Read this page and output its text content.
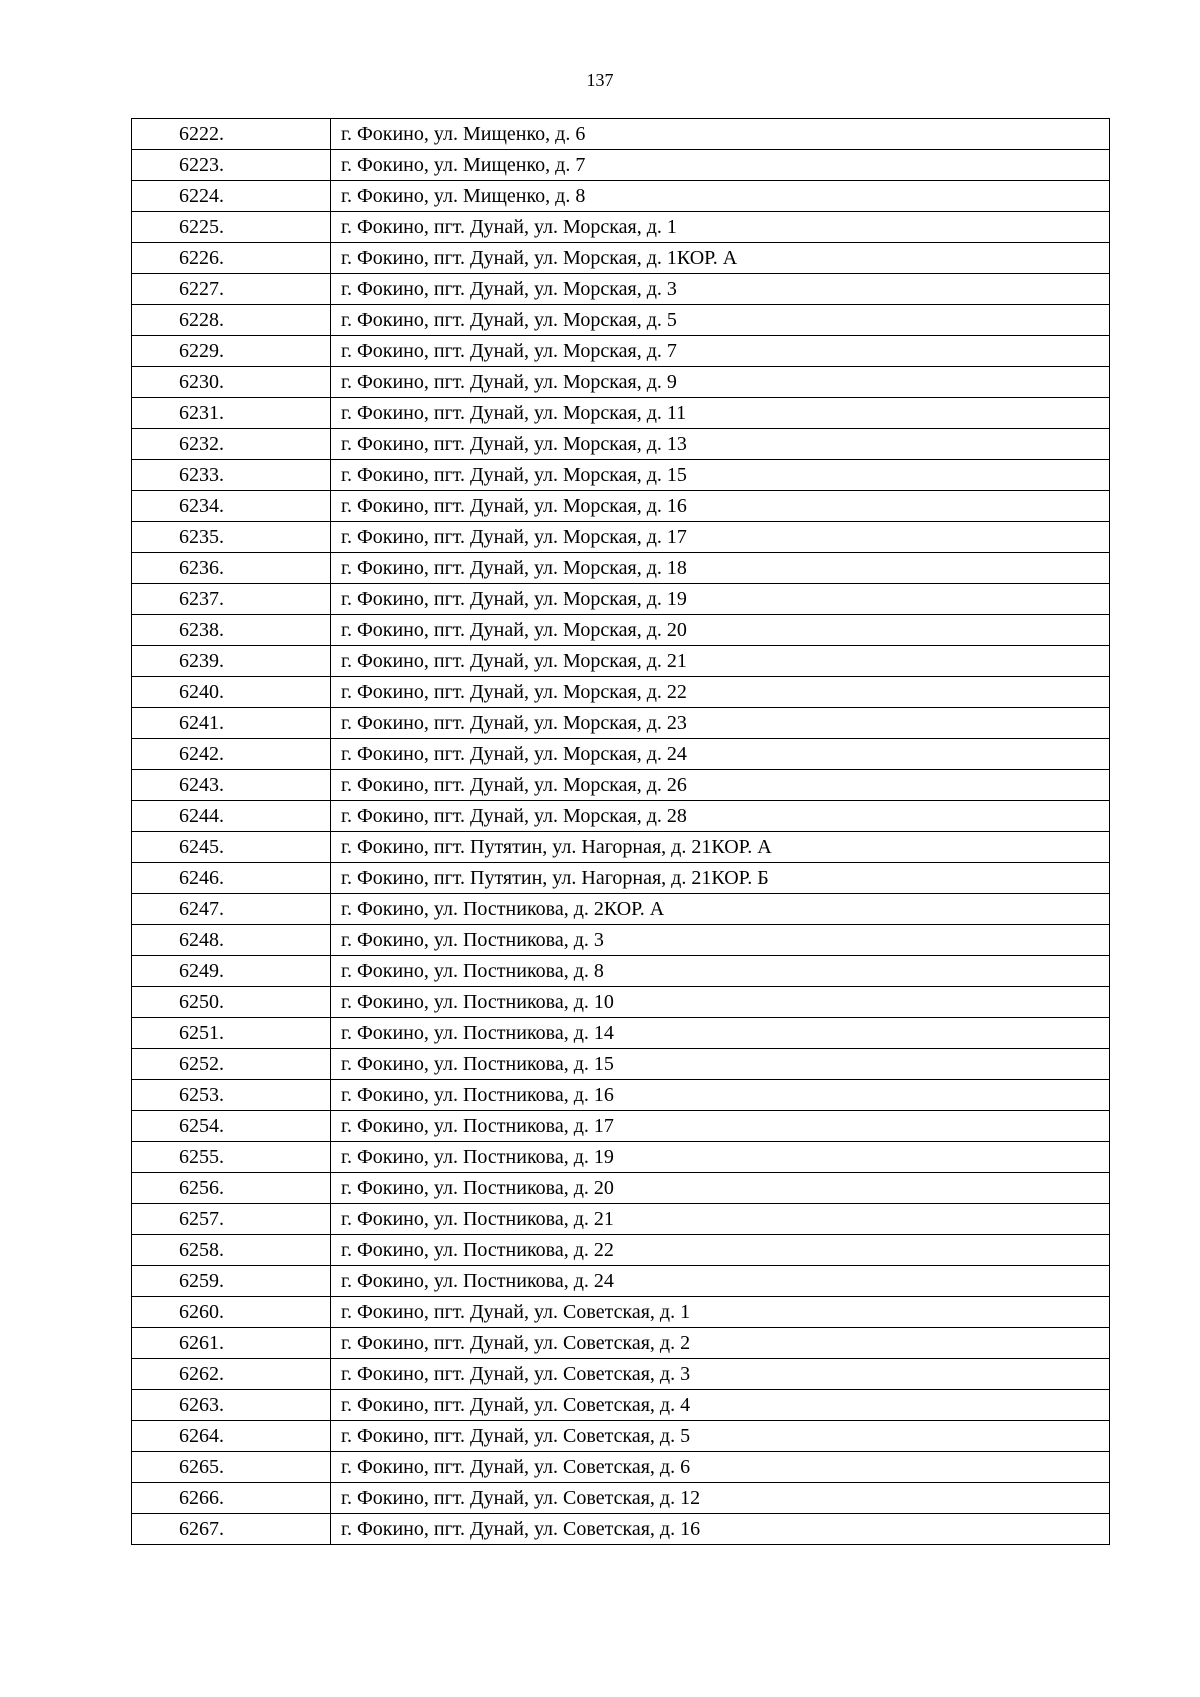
137
6222.	г. Фокино, ул. Мищенко, д. 6
6223.	г. Фокино, ул. Мищенко, д. 7
6224.	г. Фокино, ул. Мищенко, д. 8
6225.	г. Фокино, пгт. Дунай, ул. Морская, д. 1
6226.	г. Фокино, пгт. Дунай, ул. Морская, д. 1КОР. А
6227.	г. Фокино, пгт. Дунай, ул. Морская, д. 3
6228.	г. Фокино, пгт. Дунай, ул. Морская, д. 5
6229.	г. Фокино, пгт. Дунай, ул. Морская, д. 7
6230.	г. Фокино, пгт. Дунай, ул. Морская, д. 9
6231.	г. Фокино, пгт. Дунай, ул. Морская, д. 11
6232.	г. Фокино, пгт. Дунай, ул. Морская, д. 13
6233.	г. Фокино, пгт. Дунай, ул. Морская, д. 15
6234.	г. Фокино, пгт. Дунай, ул. Морская, д. 16
6235.	г. Фокино, пгт. Дунай, ул. Морская, д. 17
6236.	г. Фокино, пгт. Дунай, ул. Морская, д. 18
6237.	г. Фокино, пгт. Дунай, ул. Морская, д. 19
6238.	г. Фокино, пгт. Дунай, ул. Морская, д. 20
6239.	г. Фокино, пгт. Дунай, ул. Морская, д. 21
6240.	г. Фокино, пгт. Дунай, ул. Морская, д. 22
6241.	г. Фокино, пгт. Дунай, ул. Морская, д. 23
6242.	г. Фокино, пгт. Дунай, ул. Морская, д. 24
6243.	г. Фокино, пгт. Дунай, ул. Морская, д. 26
6244.	г. Фокино, пгт. Дунай, ул. Морская, д. 28
6245.	г. Фокино, пгт. Путятин, ул. Нагорная, д. 21КОР. А
6246.	г. Фокино, пгт. Путятин, ул. Нагорная, д. 21КОР. Б
6247.	г. Фокино, ул. Постникова, д. 2КОР. А
6248.	г. Фокино, ул. Постникова, д. 3
6249.	г. Фокино, ул. Постникова, д. 8
6250.	г. Фокино, ул. Постникова, д. 10
6251.	г. Фокино, ул. Постникова, д. 14
6252.	г. Фокино, ул. Постникова, д. 15
6253.	г. Фокино, ул. Постникова, д. 16
6254.	г. Фокино, ул. Постникова, д. 17
6255.	г. Фокино, ул. Постникова, д. 19
6256.	г. Фокино, ул. Постникова, д. 20
6257.	г. Фокино, ул. Постникова, д. 21
6258.	г. Фокино, ул. Постникова, д. 22
6259.	г. Фокино, ул. Постникова, д. 24
6260.	г. Фокино, пгт. Дунай, ул. Советская, д. 1
6261.	г. Фокино, пгт. Дунай, ул. Советская, д. 2
6262.	г. Фокино, пгт. Дунай, ул. Советская, д. 3
6263.	г. Фокино, пгт. Дунай, ул. Советская, д. 4
6264.	г. Фокино, пгт. Дунай, ул. Советская, д. 5
6265.	г. Фокино, пгт. Дунай, ул. Советская, д. 6
6266.	г. Фокино, пгт. Дунай, ул. Советская, д. 12
6267.	г. Фокино, пгт. Дунай, ул. Советская, д. 16
